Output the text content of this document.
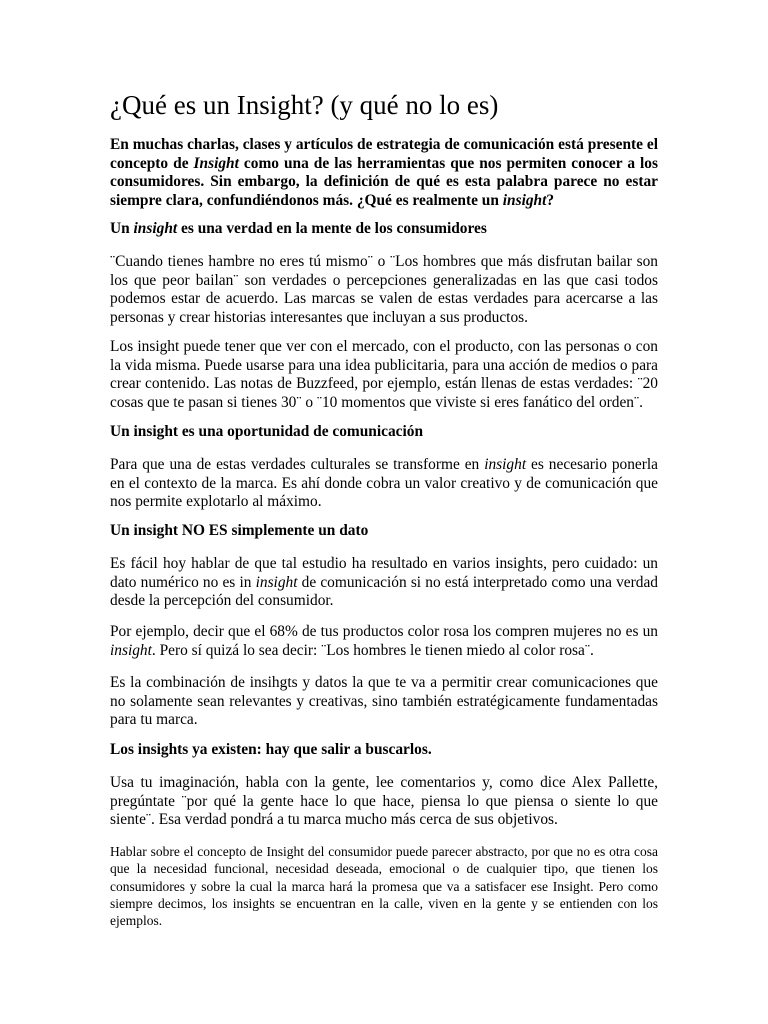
¿Qué es un Insight? (y qué no lo es)

En muchas charlas, clases y artículos de estrategia de comunicación está presente el concepto de Insight como una de las herramientas que nos permiten conocer a los consumidores. Sin embargo, la definición de qué es esta palabra parece no estar siempre clara, confundiéndonos más. ¿Qué es realmente un insight?

Un insight es una verdad en la mente de los consumidores

¨Cuando tienes hambre no eres tú mismo¨ o ¨Los hombres que más disfrutan bailar son los que peor bailan¨ son verdades o percepciones generalizadas en las que casi todos podemos estar de acuerdo. Las marcas se valen de estas verdades para acercarse a las personas y crear historias interesantes que incluyan a sus productos.

Los insight puede tener que ver con el mercado, con el producto, con las personas o con la vida misma. Puede usarse para una idea publicitaria, para una acción de medios o para crear contenido. Las notas de Buzzfeed, por ejemplo, están llenas de estas verdades: ¨20 cosas que te pasan si tienes 30¨ o ¨10 momentos que viviste si eres fanático del orden¨.

Un insight es una oportunidad de comunicación

Para que una de estas verdades culturales se transforme en insight es necesario ponerla en el contexto de la marca. Es ahí donde cobra un valor creativo y de comunicación que nos permite explotarlo al máximo.

Un insight NO ES simplemente un dato

Es fácil hoy hablar de que tal estudio ha resultado en varios insights, pero cuidado: un dato numérico no es in insight de comunicación si no está interpretado como una verdad desde la percepción del consumidor.

Por ejemplo, decir que el 68% de tus productos color rosa los compren mujeres no es un insight. Pero sí quizá lo sea decir: ¨Los hombres le tienen miedo al color rosa¨.

Es la combinación de insihgts y datos la que te va a permitir crear comunicaciones que no solamente sean relevantes y creativas, sino también estratégicamente fundamentadas para tu marca.

Los insights ya existen: hay que salir a buscarlos.

Usa tu imaginación, habla con la gente, lee comentarios y, como dice Alex Pallette, pregúntate ¨por qué la gente hace lo que hace, piensa lo que piensa o siente lo que siente¨. Esa verdad pondrá a tu marca mucho más cerca de sus objetivos.

Hablar sobre el concepto de Insight del consumidor puede parecer abstracto, por que no es otra cosa que la necesidad funcional, necesidad deseada, emocional o de cualquier tipo, que tienen los consumidores y sobre la cual la marca hará la promesa que va a satisfacer ese Insight. Pero como siempre decimos, los insights se encuentran en la calle, viven en la gente y se entienden con los ejemplos.
